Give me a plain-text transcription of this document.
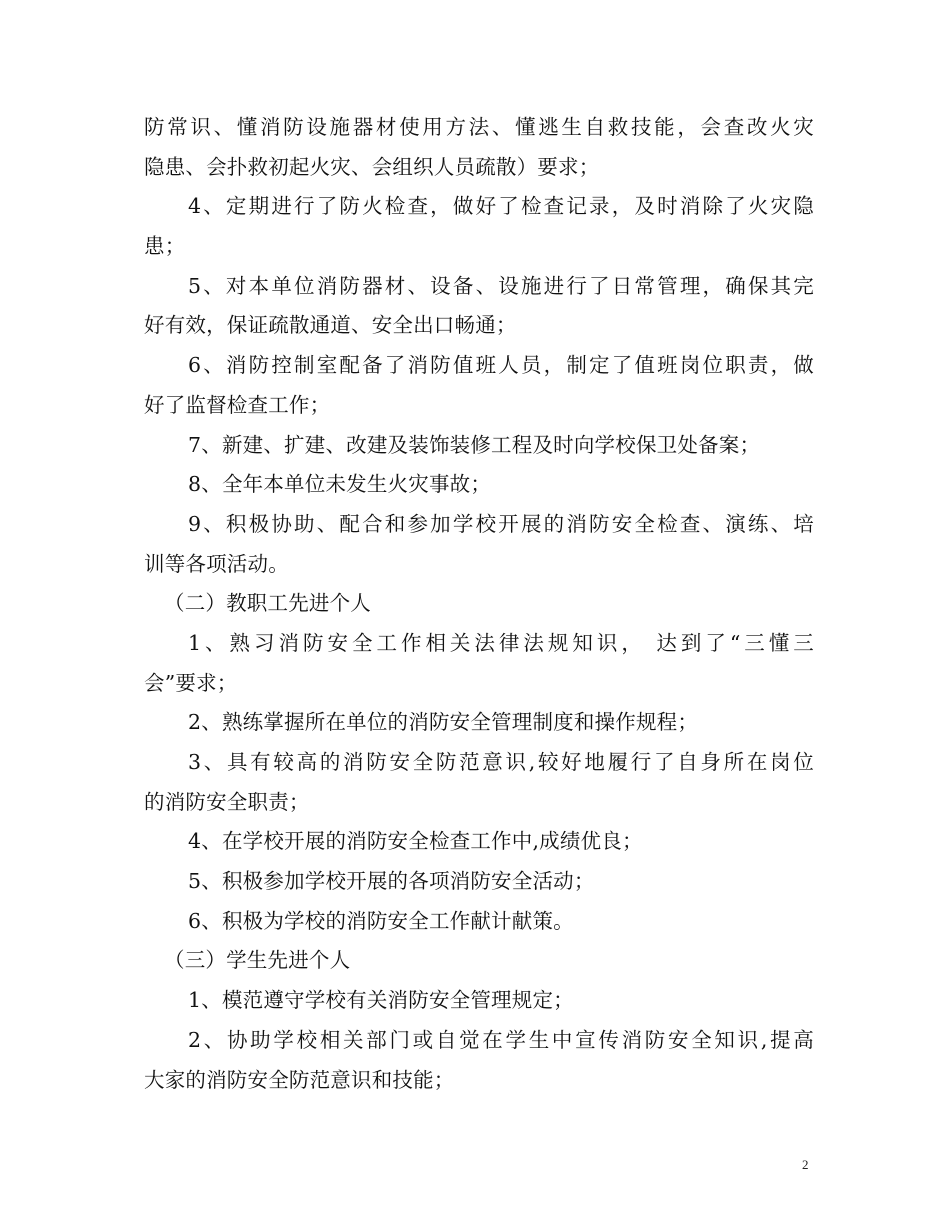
防常识、懂消防设施器材使用方法、懂逃生自救技能，会查改火灾
隐患、会扑救初起火灾、会组织人员疏散）要求；
4、定期进行了防火检查，做好了检查记录，及时消除了火灾隐
患；
5、对本单位消防器材、设备、设施进行了日常管理，确保其完
好有效，保证疏散通道、安全出口畅通；
6、消防控制室配备了消防值班人员，制定了值班岗位职责，做
好了监督检查工作；
7、新建、扩建、改建及装饰装修工程及时向学校保卫处备案；
8、全年本单位未发生火灾事故；
9、积极协助、配合和参加学校开展的消防安全检查、演练、培
训等各项活动。
（二）教职工先进个人
1、熟习消防安全工作相关法律法规知识， 达到了“三懂三
会”要求；
2、熟练掌握所在单位的消防安全管理制度和操作规程；
3、具有较高的消防安全防范意识,较好地履行了自身所在岗位
的消防安全职责；
4、在学校开展的消防安全检查工作中,成绩优良；
5、积极参加学校开展的各项消防安全活动；
6、积极为学校的消防安全工作献计献策。
（三）学生先进个人
1、模范遵守学校有关消防安全管理规定；
2、协助学校相关部门或自觉在学生中宣传消防安全知识,提高
大家的消防安全防范意识和技能；
2
